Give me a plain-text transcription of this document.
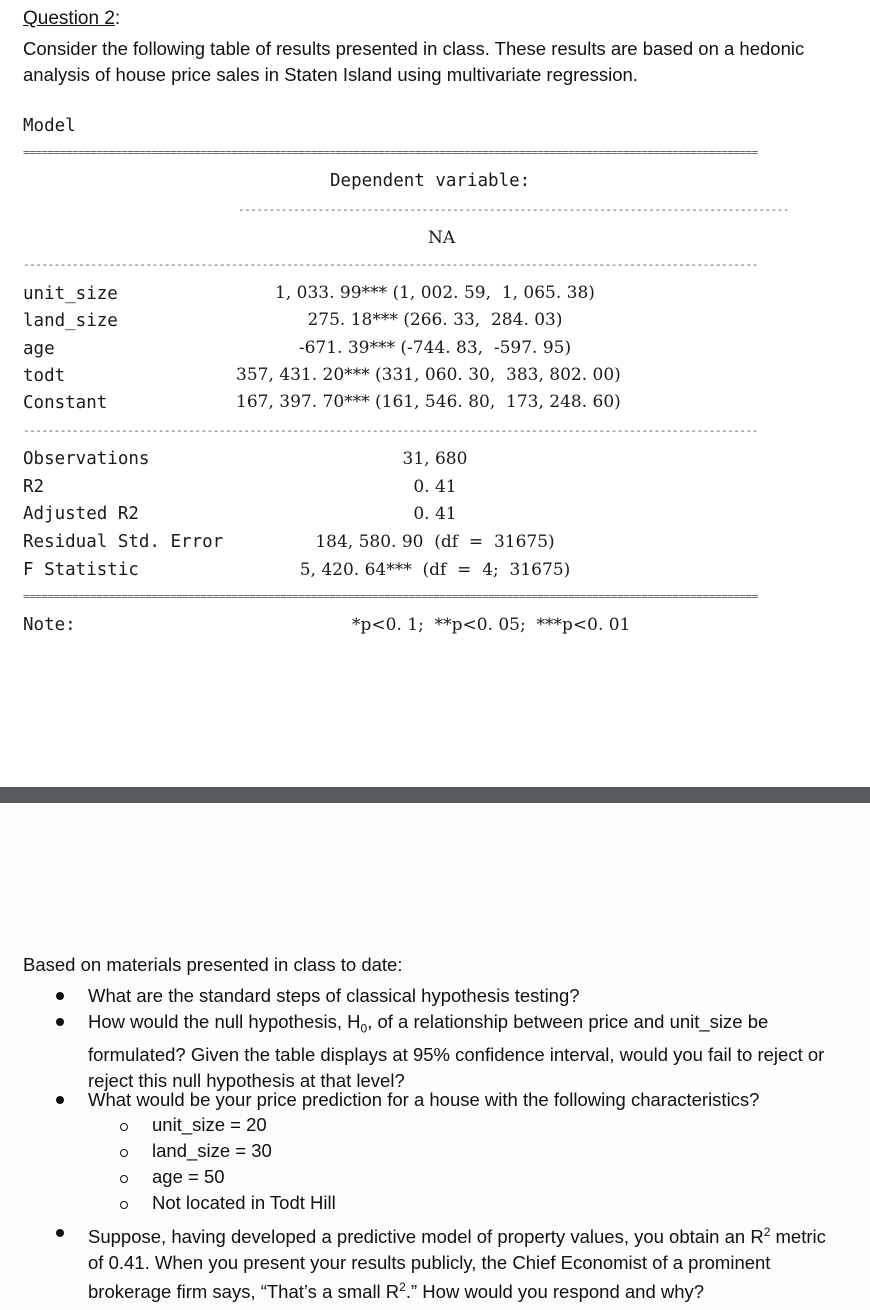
Question 2:
Consider the following table of results presented in class. These results are based on a hedonic analysis of house price sales in Staten Island using multivariate regression.
Model
========================================================================================================================
Dependent variable:
------------------------------------------------------------------------------------------
NA
------------------------------------------------------------------------------------------------------------------------
unit_size	1, 033. 99*** (1, 002. 59,  1, 065. 38)
land_size	275. 18*** (266. 33,  284. 03)
age	-671. 39*** (-744. 83,  -597. 95)
todt	357, 431. 20*** (331, 060. 30,  383, 802. 00)
Constant	167, 397. 70*** (161, 546. 80,  173, 248. 60)
------------------------------------------------------------------------------------------------------------------------
Observations	31, 680
R2	0. 41
Adjusted R2	0. 41
Residual Std. Error	184, 580. 90  (df  =  31675)
F Statistic	5, 420. 64***  (df  =  4;  31675)
========================================================================================================================
Note:	*p<0. 1;  **p<0. 05;  ***p<0. 01
Based on materials presented in class to date:
What are the standard steps of classical hypothesis testing?
How would the null hypothesis, $H_0$, of a relationship between price and unit_size be formulated? Given the table displays at 95% confidence interval, would you fail to reject or reject this null hypothesis at that level?
What would be your price prediction for a house with the following characteristics?
unit_size = 20
land_size = 30
age = 50
Not located in Todt Hill
Suppose, having developed a predictive model of property values, you obtain an $R^2$ metric of 0.41. When you present your results publicly, the Chief Economist of a prominent brokerage firm says, “That’s a small $R^2$.” How would you respond and why?
